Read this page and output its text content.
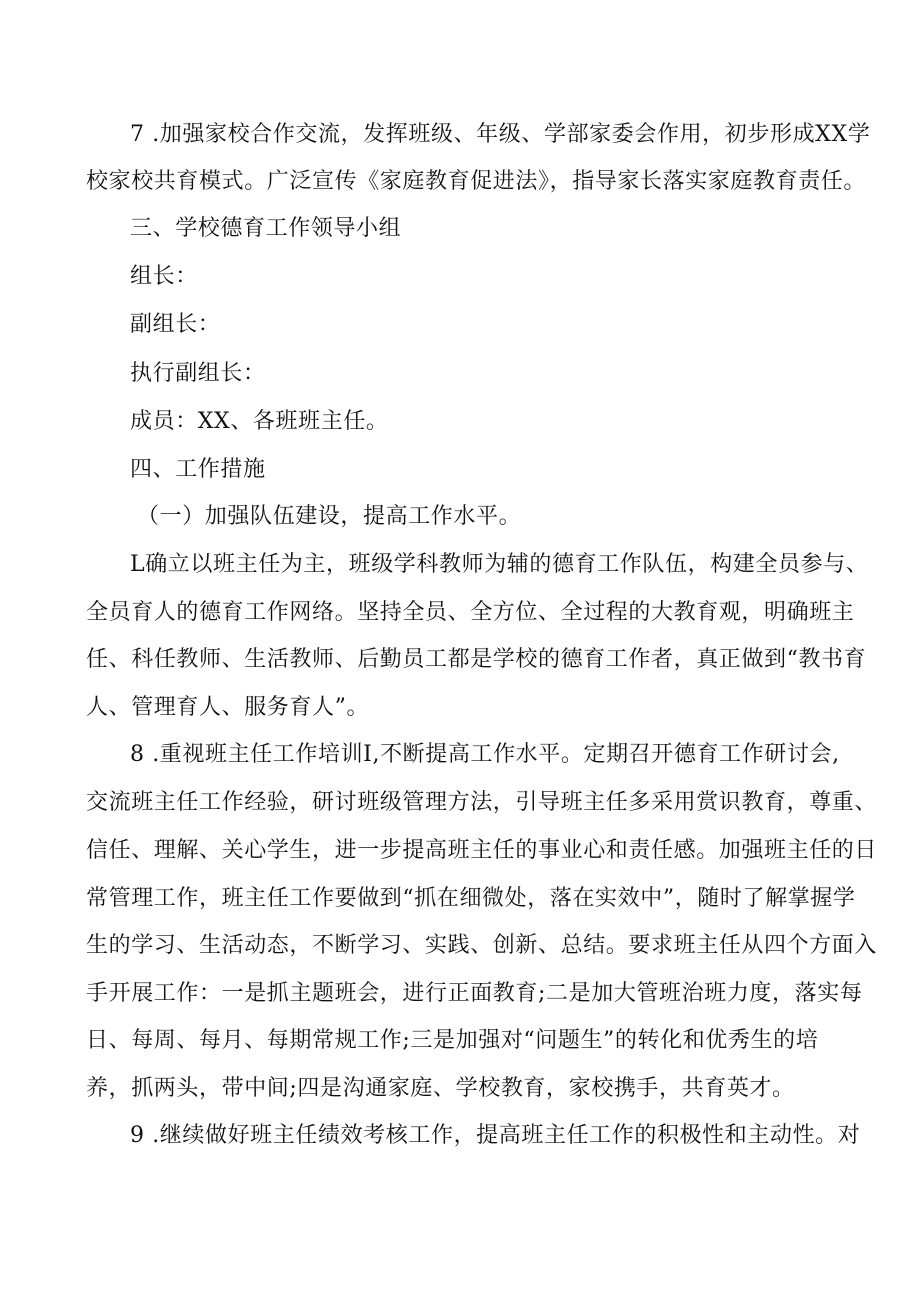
7 .加强家校合作交流，发挥班级、年级、学部家委会作用，初步形成XX学
校家校共育模式。广泛宣传《家庭教育促进法》，指导家长落实家庭教育责任。
三、学校德育工作领导小组
组长：
副组长：
执行副组长：
成员：XX、各班班主任。
四、工作措施
（一）加强队伍建设，提高工作水平。
L确立以班主任为主，班级学科教师为辅的德育工作队伍，构建全员参与、
全员育人的德育工作网络。坚持全员、全方位、全过程的大教育观，明确班主
任、科任教师、生活教师、后勤员工都是学校的德育工作者，真正做到“教书育
人、管理育人、服务育人”。
8 .重视班主任工作培训I,不断提高工作水平。定期召开德育工作研讨会,
交流班主任工作经验，研讨班级管理方法，引导班主任多采用赏识教育，尊重、
信任、理解、关心学生，进一步提高班主任的事业心和责任感。加强班主任的日
常管理工作，班主任工作要做到“抓在细微处，落在实效中”，随时了解掌握学
生的学习、生活动态，不断学习、实践、创新、总结。要求班主任从四个方面入
手开展工作：一是抓主题班会，进行正面教育;二是加大管班治班力度，落实每
日、每周、每月、每期常规工作;三是加强对“问题生”的转化和优秀生的培
养，抓两头，带中间;四是沟通家庭、学校教育，家校携手，共育英才。
9 .继续做好班主任绩效考核工作，提高班主任工作的积极性和主动性。对
